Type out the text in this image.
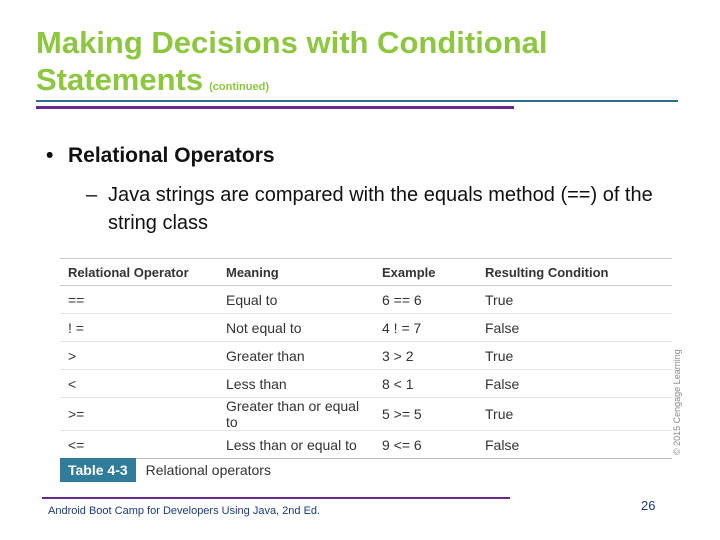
Making Decisions with Conditional
Statements (continued)
• Relational Operators
– Java strings are compared with the equals method (==) of the string class
Relational Operator	Meaning	Example	Resulting Condition
==	Equal to	6 == 6	True
! =	Not equal to	4 ! = 7	False
>	Greater than	3 > 2	True
<	Less than	8 < 1	False
>=	Greater than or equal to	5 >= 5	True
<=	Less than or equal to	9 <= 6	False
Table 4-3	Relational operators
© 2015 Cengage Learning
Android Boot Camp for Developers Using Java, 2nd Ed.	26
